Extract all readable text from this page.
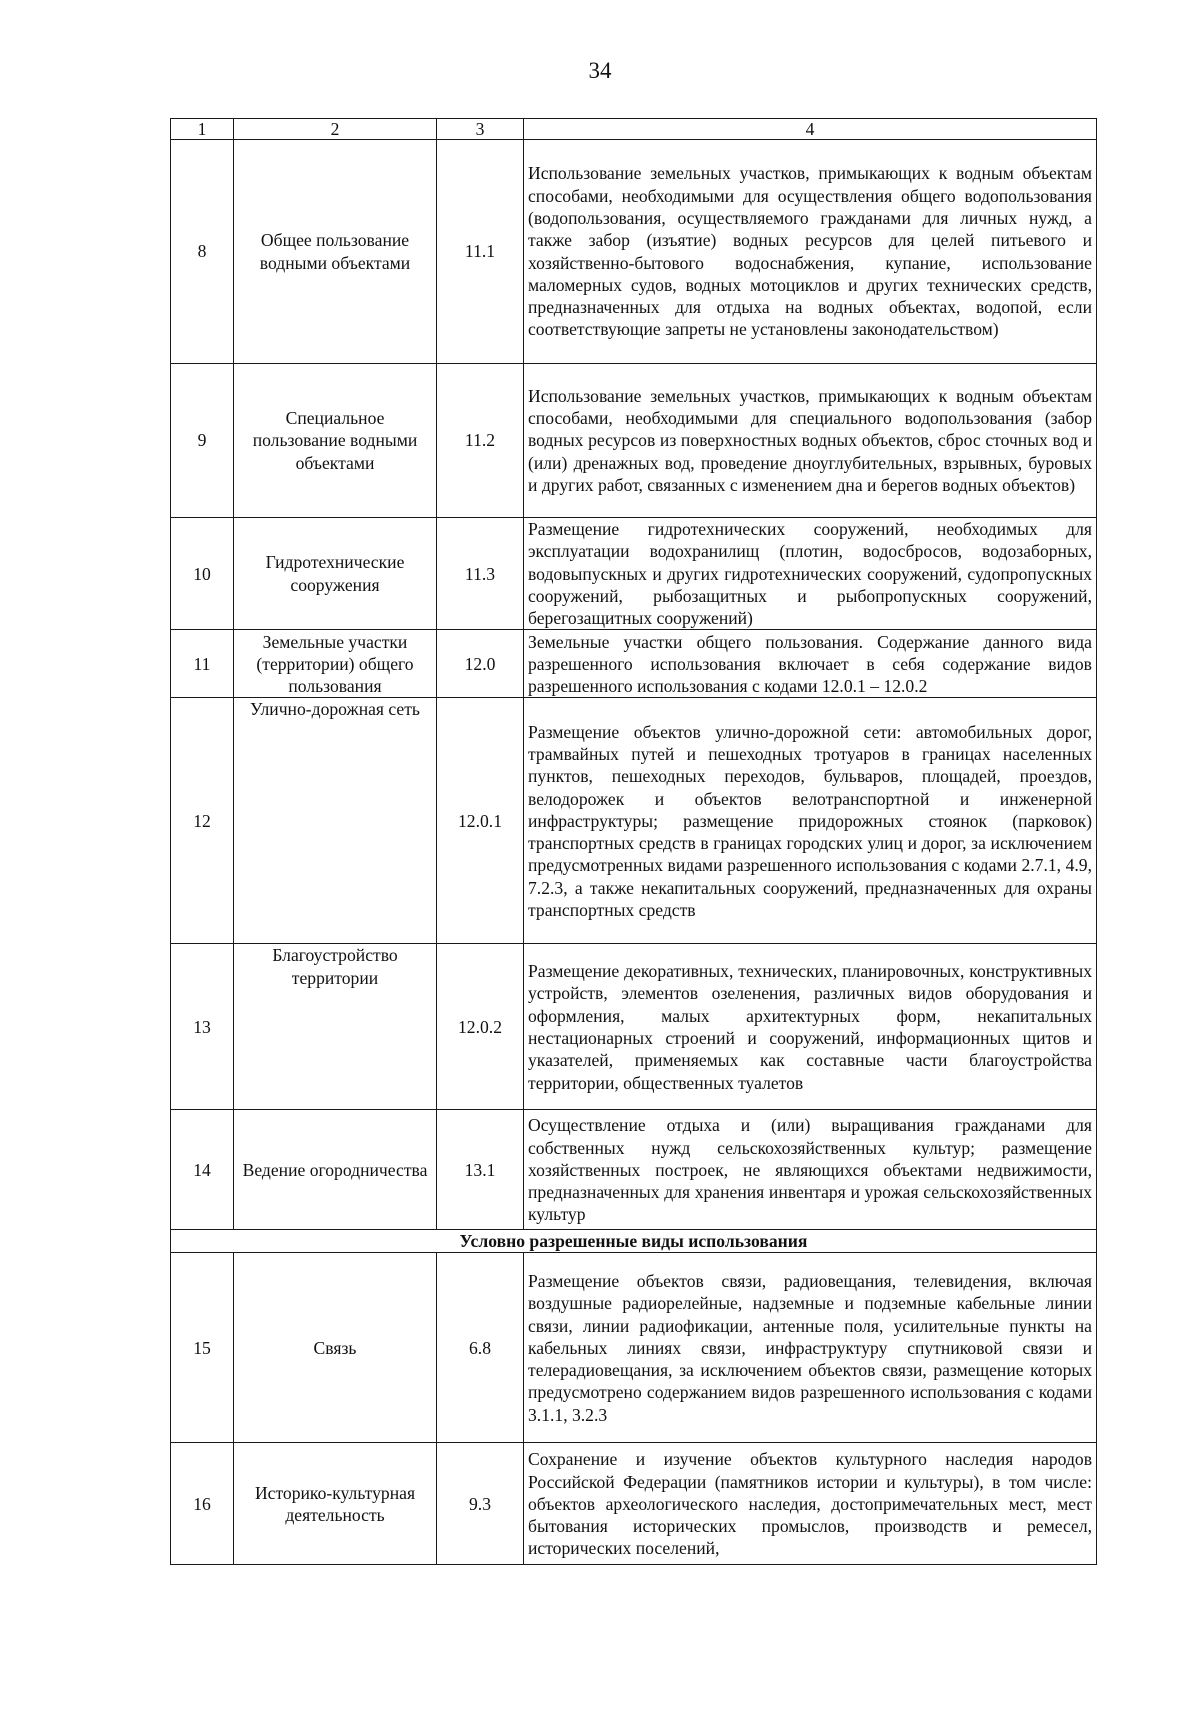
34
1	2	3	4
8	Общее пользование водными объектами	11.1	Использование земельных участков, примыкающих к водным объектам способами, необходимыми для осуществления общего водопользования (водопользования, осуществляемого гражданами для личных нужд, а также забор (изъятие) водных ресурсов для целей питьевого и хозяйственно-бытового водоснабжения, купание, использование маломерных судов, водных мотоциклов и других технических средств, предназначенных для отдыха на водных объектах, водопой, если соответствующие запреты не установлены законодательством)
9	Специальное пользование водными объектами	11.2	Использование земельных участков, примыкающих к водным объектам способами, необходимыми для специального водопользования (забор водных ресурсов из поверхностных водных объектов, сброс сточных вод и (или) дренажных вод, проведение дноуглубительных, взрывных, буровых и других работ, связанных с изменением дна и берегов водных объектов)
10	Гидротехнические сооружения	11.3	Размещение гидротехнических сооружений, необходимых для эксплуатации водохранилищ (плотин, водосбросов, водозаборных, водовыпускных и других гидротехнических сооружений, судопропускных сооружений, рыбозащитных и рыбопропускных сооружений, берегозащитных сооружений)
11	Земельные участки (территории) общего пользования	12.0	Земельные участки общего пользования. Содержание данного вида разрешенного использования включает в себя содержание видов разрешенного использования с кодами 12.0.1 – 12.0.2
12	Улично-дорожная сеть	12.0.1	Размещение объектов улично-дорожной сети: автомобильных дорог, трамвайных путей и пешеходных тротуаров в границах населенных пунктов, пешеходных переходов, бульваров, площадей, проездов, велодорожек и объектов велотранспортной и инженерной инфраструктуры; размещение придорожных стоянок (парковок) транспортных средств в границах городских улиц и дорог, за исключением предусмотренных видами разрешенного использования с кодами 2.7.1, 4.9, 7.2.3, а также некапитальных сооружений, предназначенных для охраны транспортных средств
13	Благоустройство территории	12.0.2	Размещение декоративных, технических, планировочных, конструктивных устройств, элементов озеленения, различных видов оборудования и оформления, малых архитектурных форм, некапитальных нестационарных строений и сооружений, информационных щитов и указателей, применяемых как составные части благоустройства территории, общественных туалетов
14	Ведение огородничества	13.1	Осуществление отдыха и (или) выращивания гражданами для собственных нужд сельскохозяйственных культур; размещение хозяйственных построек, не являющихся объектами недвижимости, предназначенных для хранения инвентаря и урожая сельскохозяйственных культур
Условно разрешенные виды использования			
15	Связь	6.8	Размещение объектов связи, радиовещания, телевидения, включая воздушные радиорелейные, надземные и подземные кабельные линии связи, линии радиофикации, антенные поля, усилительные пункты на кабельных линиях связи, инфраструктуру спутниковой связи и телерадиовещания, за исключением объектов связи, размещение которых предусмотрено содержанием видов разрешенного использования с кодами 3.1.1, 3.2.3
16	Историко-культурная деятельность	9.3	Сохранение и изучение объектов культурного наследия народов Российской Федерации (памятников истории и культуры), в том числе: объектов археологического наследия, достопримечательных мест, мест бытования исторических промыслов, производств и ремесел, исторических поселений,
